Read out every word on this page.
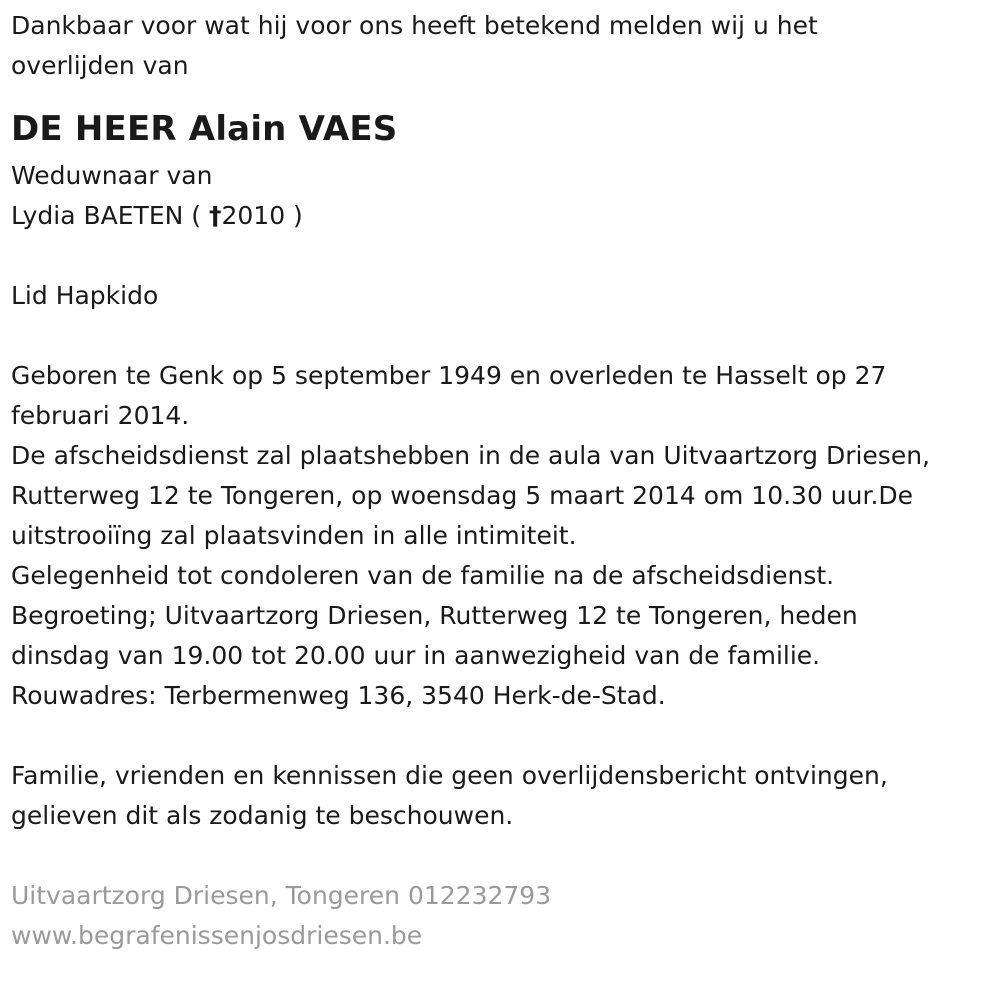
Dankbaar voor wat hij voor ons heeft betekend melden wij u het

overlijden van

DE HEER Alain VAES

Weduwnaar van

Lydia BAETEN ( †2010 )

Lid Hapkido

Geboren te Genk op 5 september 1949 en overleden te Hasselt op 27

februari 2014.

De afscheidsdienst zal plaatshebben in de aula van Uitvaartzorg Driesen,

Rutterweg 12 te Tongeren, op woensdag 5 maart 2014 om 10.30 uur.De

uitstrooiïng zal plaatsvinden in alle intimiteit.

Gelegenheid tot condoleren van de familie na de afscheidsdienst.

Begroeting; Uitvaartzorg Driesen, Rutterweg 12 te Tongeren, heden

dinsdag van 19.00 tot 20.00 uur in aanwezigheid van de familie.

Rouwadres: Terbermenweg 136, 3540 Herk-de-Stad.

Familie, vrienden en kennissen die geen overlijdensbericht ontvingen,

gelieven dit als zodanig te beschouwen.

Uitvaartzorg Driesen, Tongeren 012232793

www.begrafenissenjosdriesen.be
